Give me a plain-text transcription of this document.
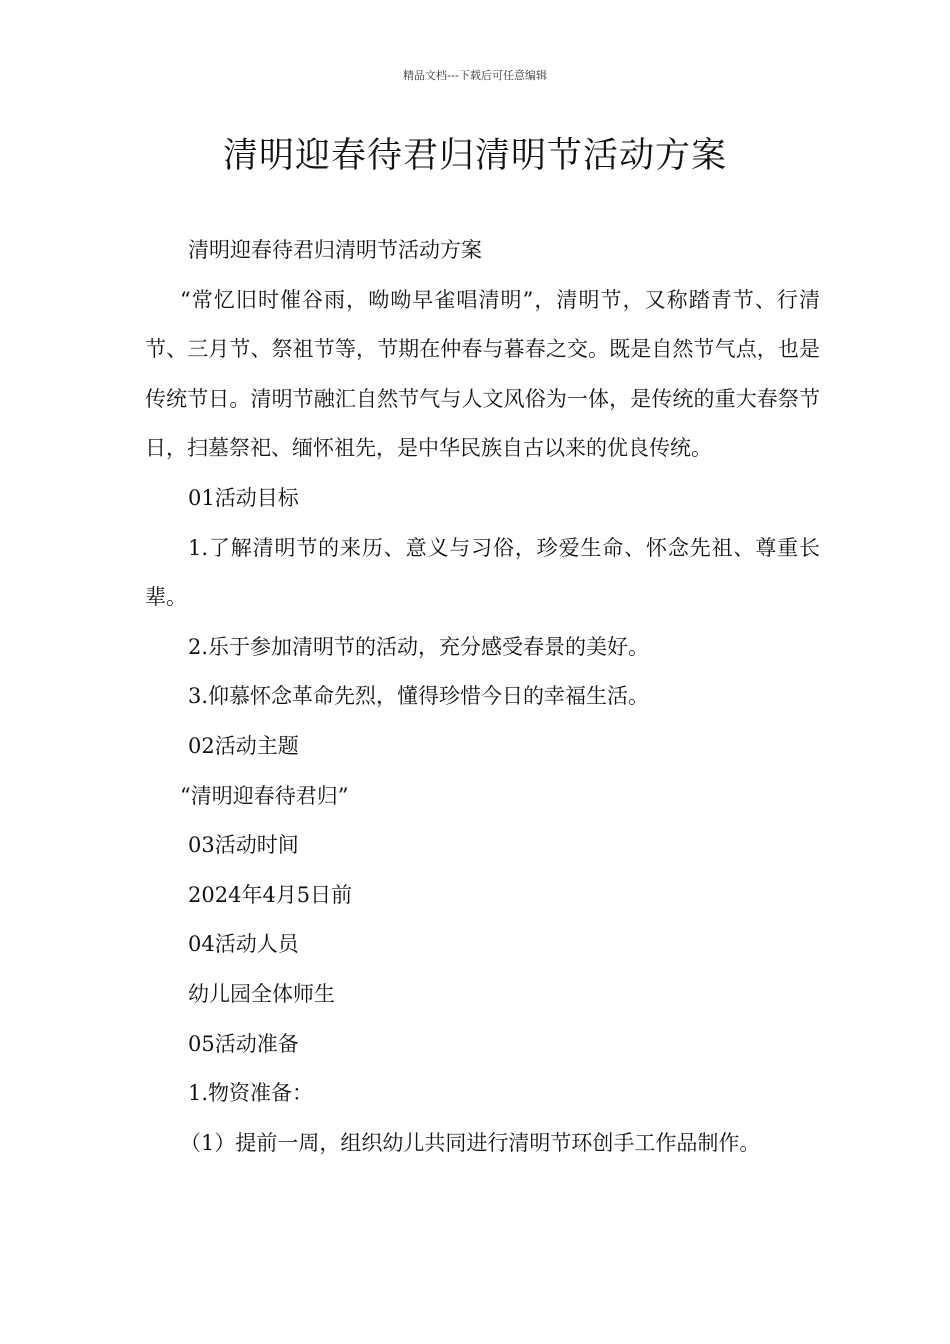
精品文档---下载后可任意编辑
清明迎春待君归清明节活动方案

清明迎春待君归清明节活动方案

“常忆旧时催谷雨，呦呦早雀唱清明”，清明节，又称踏青节、行清节、三月节、祭祖节等，节期在仲春与暮春之交。既是自然节气点，也是传统节日。清明节融汇自然节气与人文风俗为一体，是传统的重大春祭节日，扫墓祭祀、缅怀祖先，是中华民族自古以来的优良传统。

01活动目标

1.了解清明节的来历、意义与习俗，珍爱生命、怀念先祖、尊重长辈。

2.乐于参加清明节的活动，充分感受春景的美好。

3.仰慕怀念革命先烈，懂得珍惜今日的幸福生活。

02活动主题

“清明迎春待君归”

03活动时间

2024年4月5日前

04活动人员

幼儿园全体师生

05活动准备

1.物资准备：

（1）提前一周，组织幼儿共同进行清明节环创手工作品制作。
